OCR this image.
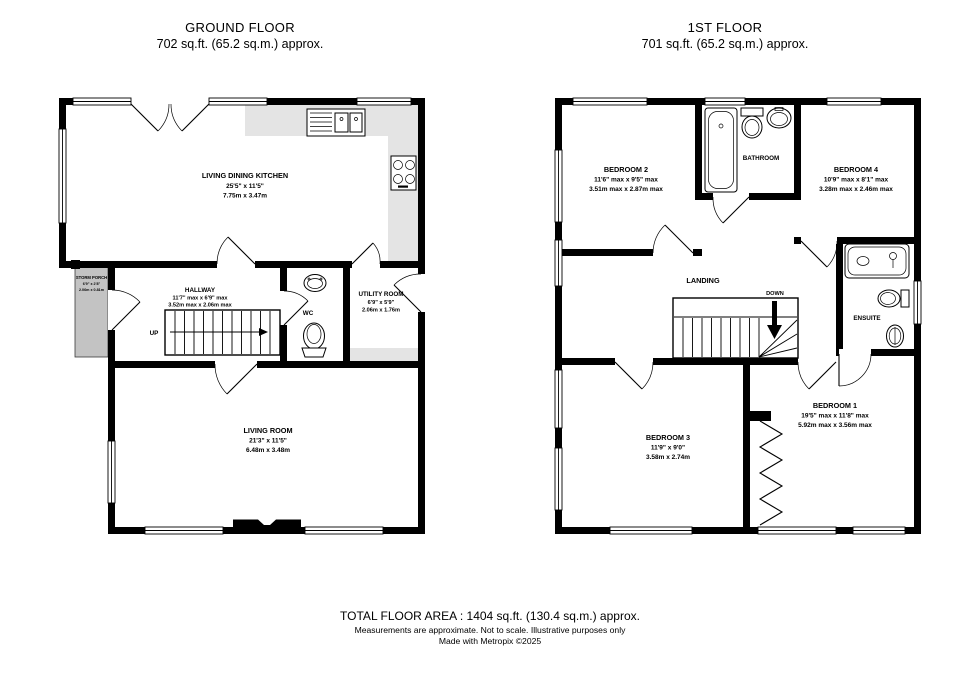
GROUND FLOOR
702 sq.ft. (65.2 sq.m.) approx.
1ST FLOOR
701 sq.ft. (65.2 sq.m.) approx.
STORM PORCH
6'9" x 2'8"
2.06m x 0.81m
UP
LIVING DINING KITCHEN
25'5" x 11'5"
7.75m x 3.47m
HALLWAY
11'7" max x 6'9" max
3.52m max x 2.06m max
WC
UTILITY ROOM
6'9" x 5'9"
2.06m x 1.76m
LIVING ROOM
21'3" x 11'5"
6.48m x 3.48m
DOWN
LANDING
BEDROOM 2
11'6" max x 9'5" max
3.51m max x 2.87m max
BATHROOM
BEDROOM 4
10'9" max x 8'1" max
3.28m max x 2.46m max
ENSUITE
BEDROOM 3
11'9" x 9'0"
3.58m x 2.74m
BEDROOM 1
19'5" max x 11'8" max
5.92m max x 3.56m max
TOTAL FLOOR AREA : 1404 sq.ft. (130.4 sq.m.) approx.
Measurements are approximate. Not to scale. Illustrative purposes only
Made with Metropix ©2025
